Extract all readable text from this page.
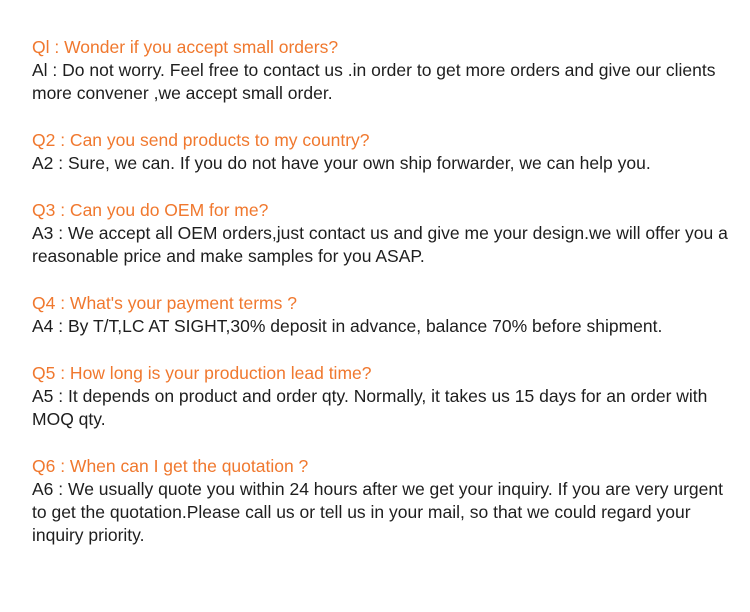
Ql : Wonder if you accept small orders?
Al : Do not worry. Feel free to contact us .in order to get more orders and give our clients more convener ,we accept small order.
Q2 : Can you send products to my country?
A2 : Sure, we can. If you do not have your own ship forwarder, we can help you.
Q3 : Can you do OEM for me?
A3 : We accept all OEM orders,just contact us and give me your design.we will offer you a reasonable price and make samples for you ASAP.
Q4 : What's your payment terms ?
A4 : By T/T,LC AT SIGHT,30% deposit in advance, balance 70% before shipment.
Q5 : How long is your production lead time?
A5 : It depends on product and order qty. Normally, it takes us 15 days for an order with MOQ qty.
Q6 : When can I get the quotation ?
A6 : We usually quote you within 24 hours after we get your inquiry. If you are very urgent to get the quotation.Please call us or tell us in your mail, so that we could regard your inquiry priority.
